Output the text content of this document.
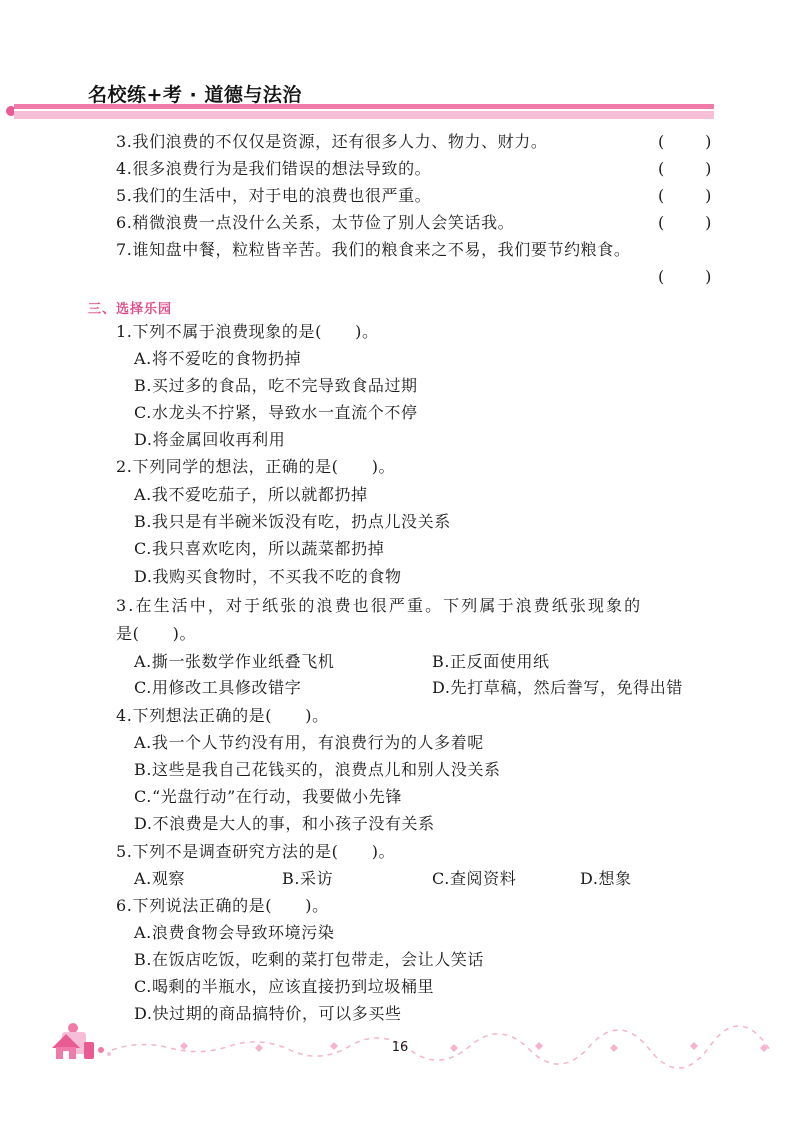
名校练+考 · 道德与法治
3.我们浪费的不仅仅是资源，还有很多人力、物力、财力。	(	)
4.很多浪费行为是我们错误的想法导致的。	(	)
5.我们的生活中，对于电的浪费也很严重。	(	)
6.稍微浪费一点没什么关系，太节俭了别人会笑话我。	(	)
7.谁知盘中餐，粒粒皆辛苦。我们的粮食来之不易，我们要节约粮食。
(	)
三、选择乐园
1.下列不属于浪费现象的是(　　)。
A.将不爱吃的食物扔掉
B.买过多的食品，吃不完导致食品过期
C.水龙头不拧紧，导致水一直流个不停
D.将金属回收再利用
2.下列同学的想法，正确的是(　　)。
A.我不爱吃茄子，所以就都扔掉
B.我只是有半碗米饭没有吃，扔点儿没关系
C.我只喜欢吃肉，所以蔬菜都扔掉
D.我购买食物时，不买我不吃的食物
3.在生活中，对于纸张的浪费也很严重。下列属于浪费纸张现象的
是(　　)。
A.撕一张数学作业纸叠飞机	B.正反面使用纸
C.用修改工具修改错字	D.先打草稿，然后誊写，免得出错
4.下列想法正确的是(　　)。
A.我一个人节约没有用，有浪费行为的人多着呢
B.这些是我自己花钱买的，浪费点儿和别人没关系
C.“光盘行动”在行动，我要做小先锋
D.不浪费是大人的事，和小孩子没有关系
5.下列不是调查研究方法的是(　　)。
A.观察	B.采访	C.查阅资料	D.想象
6.下列说法正确的是(　　)。
A.浪费食物会导致环境污染
B.在饭店吃饭，吃剩的菜打包带走，会让人笑话
C.喝剩的半瓶水，应该直接扔到垃圾桶里
D.快过期的商品搞特价，可以多买些
16
